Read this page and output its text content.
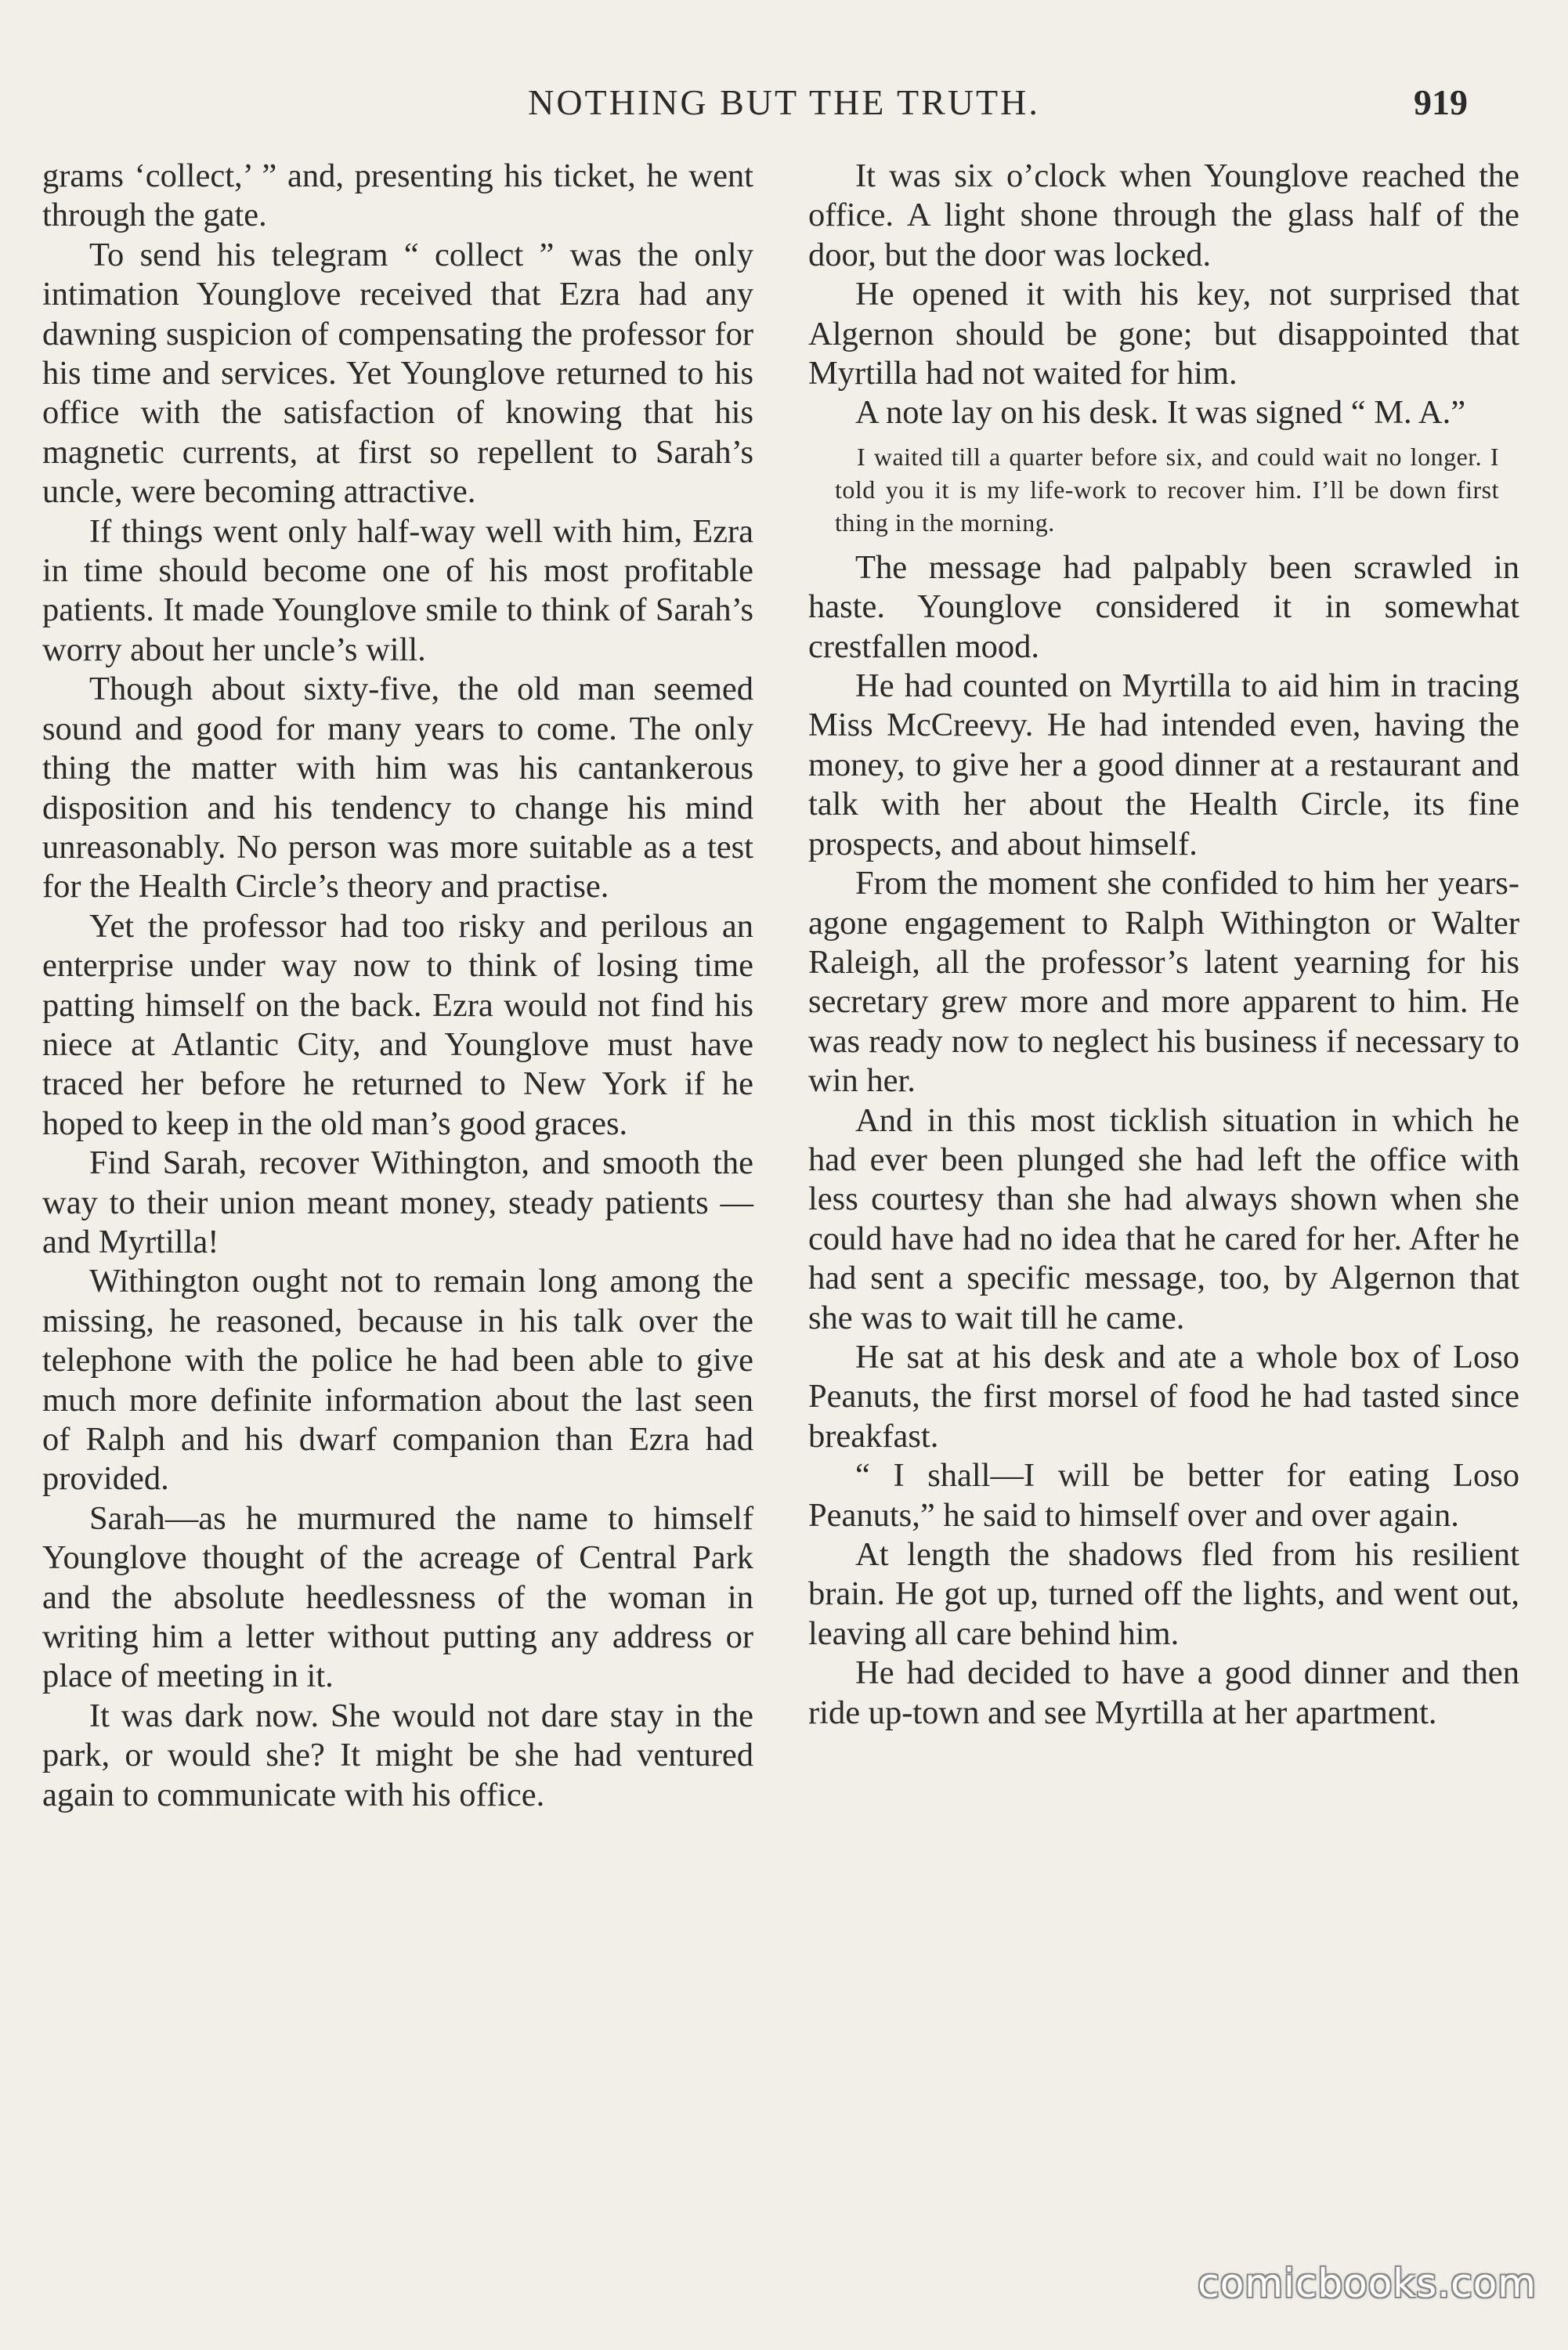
NOTHING BUT THE TRUTH.	919

grams ‘collect,’ ” and, presenting his ticket, he went through the gate.

To send his telegram “ collect ” was the only intimation Younglove received that Ezra had any dawning suspicion of compensating the professor for his time and services. Yet Younglove returned to his office with the satisfaction of knowing that his magnetic currents, at first so repellent to Sarah’s uncle, were becoming attractive.

If things went only half-way well with him, Ezra in time should become one of his most profitable patients. It made Younglove smile to think of Sarah’s worry about her uncle’s will.

Though about sixty-five, the old man seemed sound and good for many years to come. The only thing the matter with him was his cantankerous disposition and his tendency to change his mind unreasonably. No person was more suitable as a test for the Health Circle’s theory and practise.

Yet the professor had too risky and perilous an enterprise under way now to think of losing time patting himself on the back. Ezra would not find his niece at Atlantic City, and Younglove must have traced her before he returned to New York if he hoped to keep in the old man’s good graces.

Find Sarah, recover Withington, and smooth the way to their union meant money, steady patients — and Myrtilla!

Withington ought not to remain long among the missing, he reasoned, because in his talk over the telephone with the police he had been able to give much more definite information about the last seen of Ralph and his dwarf companion than Ezra had provided.

Sarah—as he murmured the name to himself Younglove thought of the acreage of Central Park and the absolute heedlessness of the woman in writing him a letter without putting any address or place of meeting in it.

It was dark now. She would not dare stay in the park, or would she? It might be she had ventured again to communicate with his office.

It was six o’clock when Younglove reached the office. A light shone through the glass half of the door, but the door was locked.

He opened it with his key, not surprised that Algernon should be gone; but disappointed that Myrtilla had not waited for him.

A note lay on his desk. It was signed “ M. A.”

I waited till a quarter before six, and could wait no longer. I told you it is my life-work to recover him. I’ll be down first thing in the morning.

The message had palpably been scrawled in haste. Younglove considered it in somewhat crestfallen mood.

He had counted on Myrtilla to aid him in tracing Miss McCreevy. He had intended even, having the money, to give her a good dinner at a restaurant and talk with her about the Health Circle, its fine prospects, and about himself.

From the moment she confided to him her years-agone engagement to Ralph Withington or Walter Raleigh, all the professor’s latent yearning for his secretary grew more and more apparent to him. He was ready now to neglect his business if necessary to win her.

And in this most ticklish situation in which he had ever been plunged she had left the office with less courtesy than she had always shown when she could have had no idea that he cared for her. After he had sent a specific message, too, by Algernon that she was to wait till he came.

He sat at his desk and ate a whole box of Loso Peanuts, the first morsel of food he had tasted since breakfast.

“ I shall—I will be better for eating Loso Peanuts,” he said to himself over and over again.

At length the shadows fled from his resilient brain. He got up, turned off the lights, and went out, leaving all care behind him.

He had decided to have a good dinner and then ride up-town and see Myrtilla at her apartment.

comicbooks.com
